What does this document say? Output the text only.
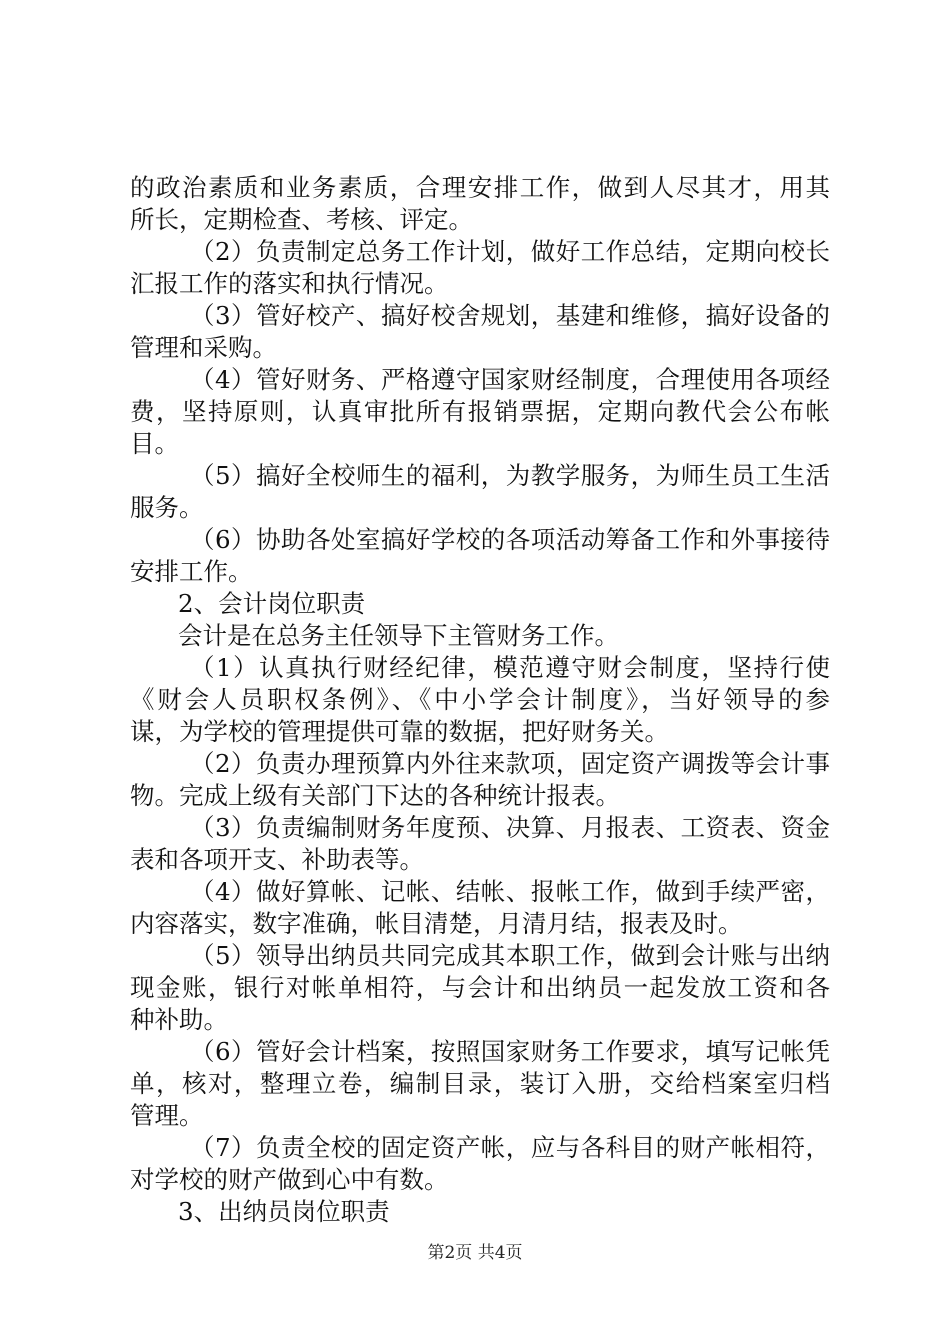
的政治素质和业务素质，合理安排工作，做到人尽其才，用其
所长，定期检查、考核、评定。
（2）负责制定总务工作计划，做好工作总结，定期向校长
汇报工作的落实和执行情况。
（3）管好校产、搞好校舍规划，基建和维修，搞好设备的
管理和采购。
（4）管好财务、严格遵守国家财经制度，合理使用各项经
费，坚持原则，认真审批所有报销票据，定期向教代会公布帐
目。
（5）搞好全校师生的福利，为教学服务，为师生员工生活
服务。
（6）协助各处室搞好学校的各项活动筹备工作和外事接待
安排工作。
2、会计岗位职责
会计是在总务主任领导下主管财务工作。
（1）认真执行财经纪律，模范遵守财会制度，坚持行使
《财会人员职权条例》、《中小学会计制度》，当好领导的参
谋，为学校的管理提供可靠的数据，把好财务关。
（2）负责办理预算内外往来款项，固定资产调拨等会计事
物。完成上级有关部门下达的各种统计报表。
（3）负责编制财务年度预、决算、月报表、工资表、资金
表和各项开支、补助表等。
（4）做好算帐、记帐、结帐、报帐工作，做到手续严密，
内容落实，数字准确，帐目清楚，月清月结，报表及时。
（5）领导出纳员共同完成其本职工作，做到会计账与出纳
现金账，银行对帐单相符，与会计和出纳员一起发放工资和各
种补助。
（6）管好会计档案，按照国家财务工作要求，填写记帐凭
单，核对，整理立卷，编制目录，装订入册，交给档案室归档
管理。
（7）负责全校的固定资产帐，应与各科目的财产帐相符，
对学校的财产做到心中有数。
3、出纳员岗位职责
第2页 共4页
